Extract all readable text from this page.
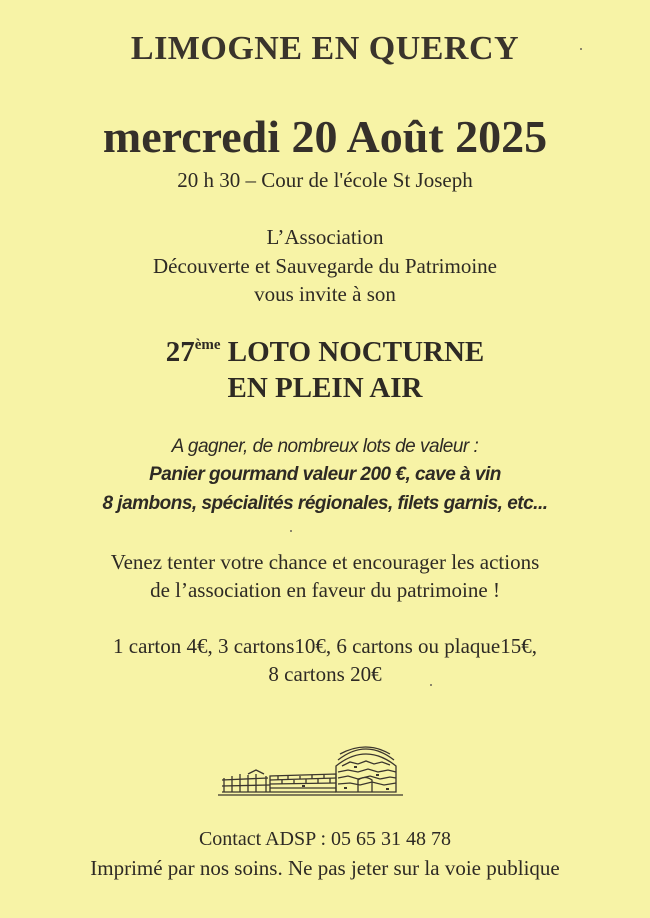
LIMOGNE EN QUERCY
mercredi 20 Août 2025
20 h 30 – Cour de l'école St Joseph
L’Association
Découverte et Sauvegarde du Patrimoine
vous invite à son
27ème LOTO NOCTURNE
EN PLEIN AIR
A gagner, de nombreux lots de valeur :
Panier gourmand valeur 200 €, cave à vin
8 jambons, spécialités régionales, filets garnis, etc...
Venez tenter votre chance et encourager les actions
de l’association en faveur du patrimoine !
1 carton 4€, 3 cartons10€, 6 cartons ou plaque15€,
8 cartons 20€
Contact ADSP : 05 65 31 48 78
Imprimé par nos soins. Ne pas jeter sur la voie publique
